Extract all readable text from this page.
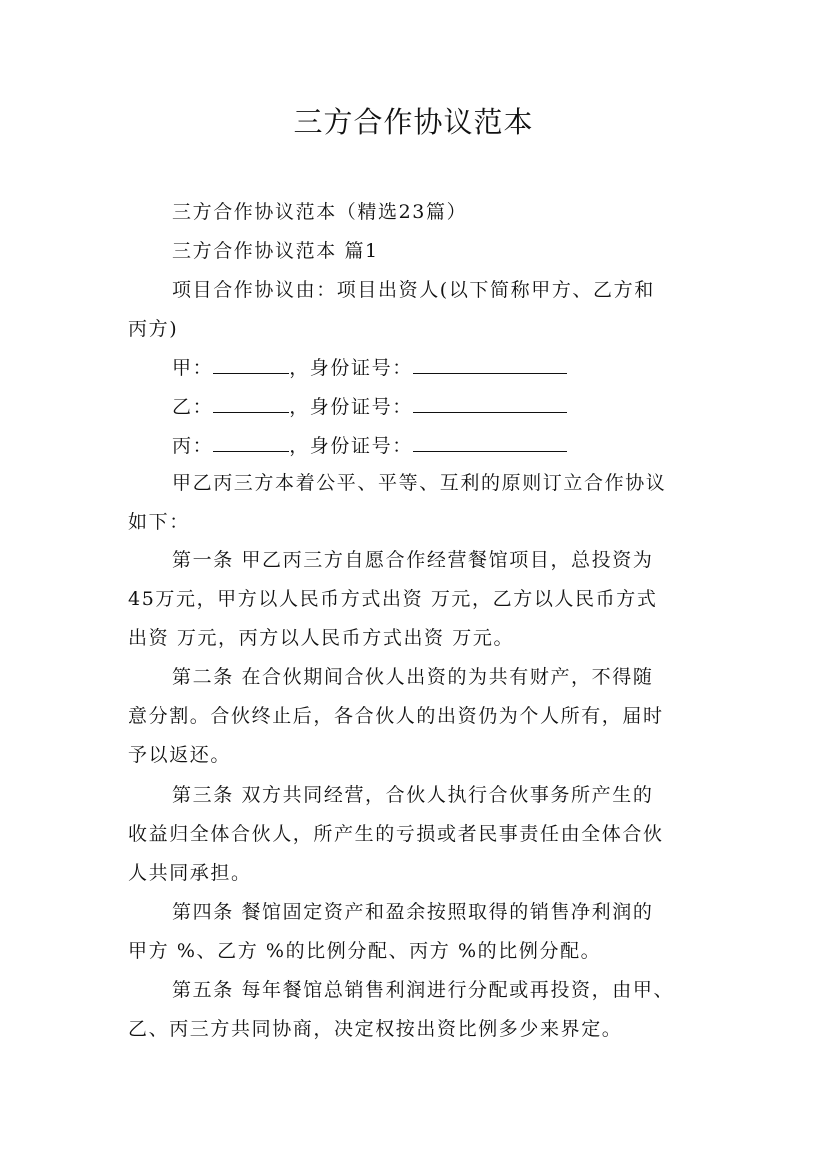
三方合作协议范本
三方合作协议范本（精选23篇）
三方合作协议范本 篇1
项目合作协议由：项目出资人(以下简称甲方、乙方和
丙方)
甲：	，身份证号：
乙：	，身份证号：
丙：	，身份证号：
甲乙丙三方本着公平、平等、互利的原则订立合作协议
如下：
第一条 甲乙丙三方自愿合作经营餐馆项目，总投资为
45万元，甲方以人民币方式出资 万元，乙方以人民币方式
出资 万元，丙方以人民币方式出资 万元。
第二条 在合伙期间合伙人出资的为共有财产，不得随
意分割。合伙终止后，各合伙人的出资仍为个人所有，届时
予以返还。
第三条 双方共同经营，合伙人执行合伙事务所产生的
收益归全体合伙人，所产生的亏损或者民事责任由全体合伙
人共同承担。
第四条 餐馆固定资产和盈余按照取得的销售净利润的
甲方 %、乙方 %的比例分配、丙方 %的比例分配。
第五条 每年餐馆总销售利润进行分配或再投资，由甲、
乙、丙三方共同协商，决定权按出资比例多少来界定。
